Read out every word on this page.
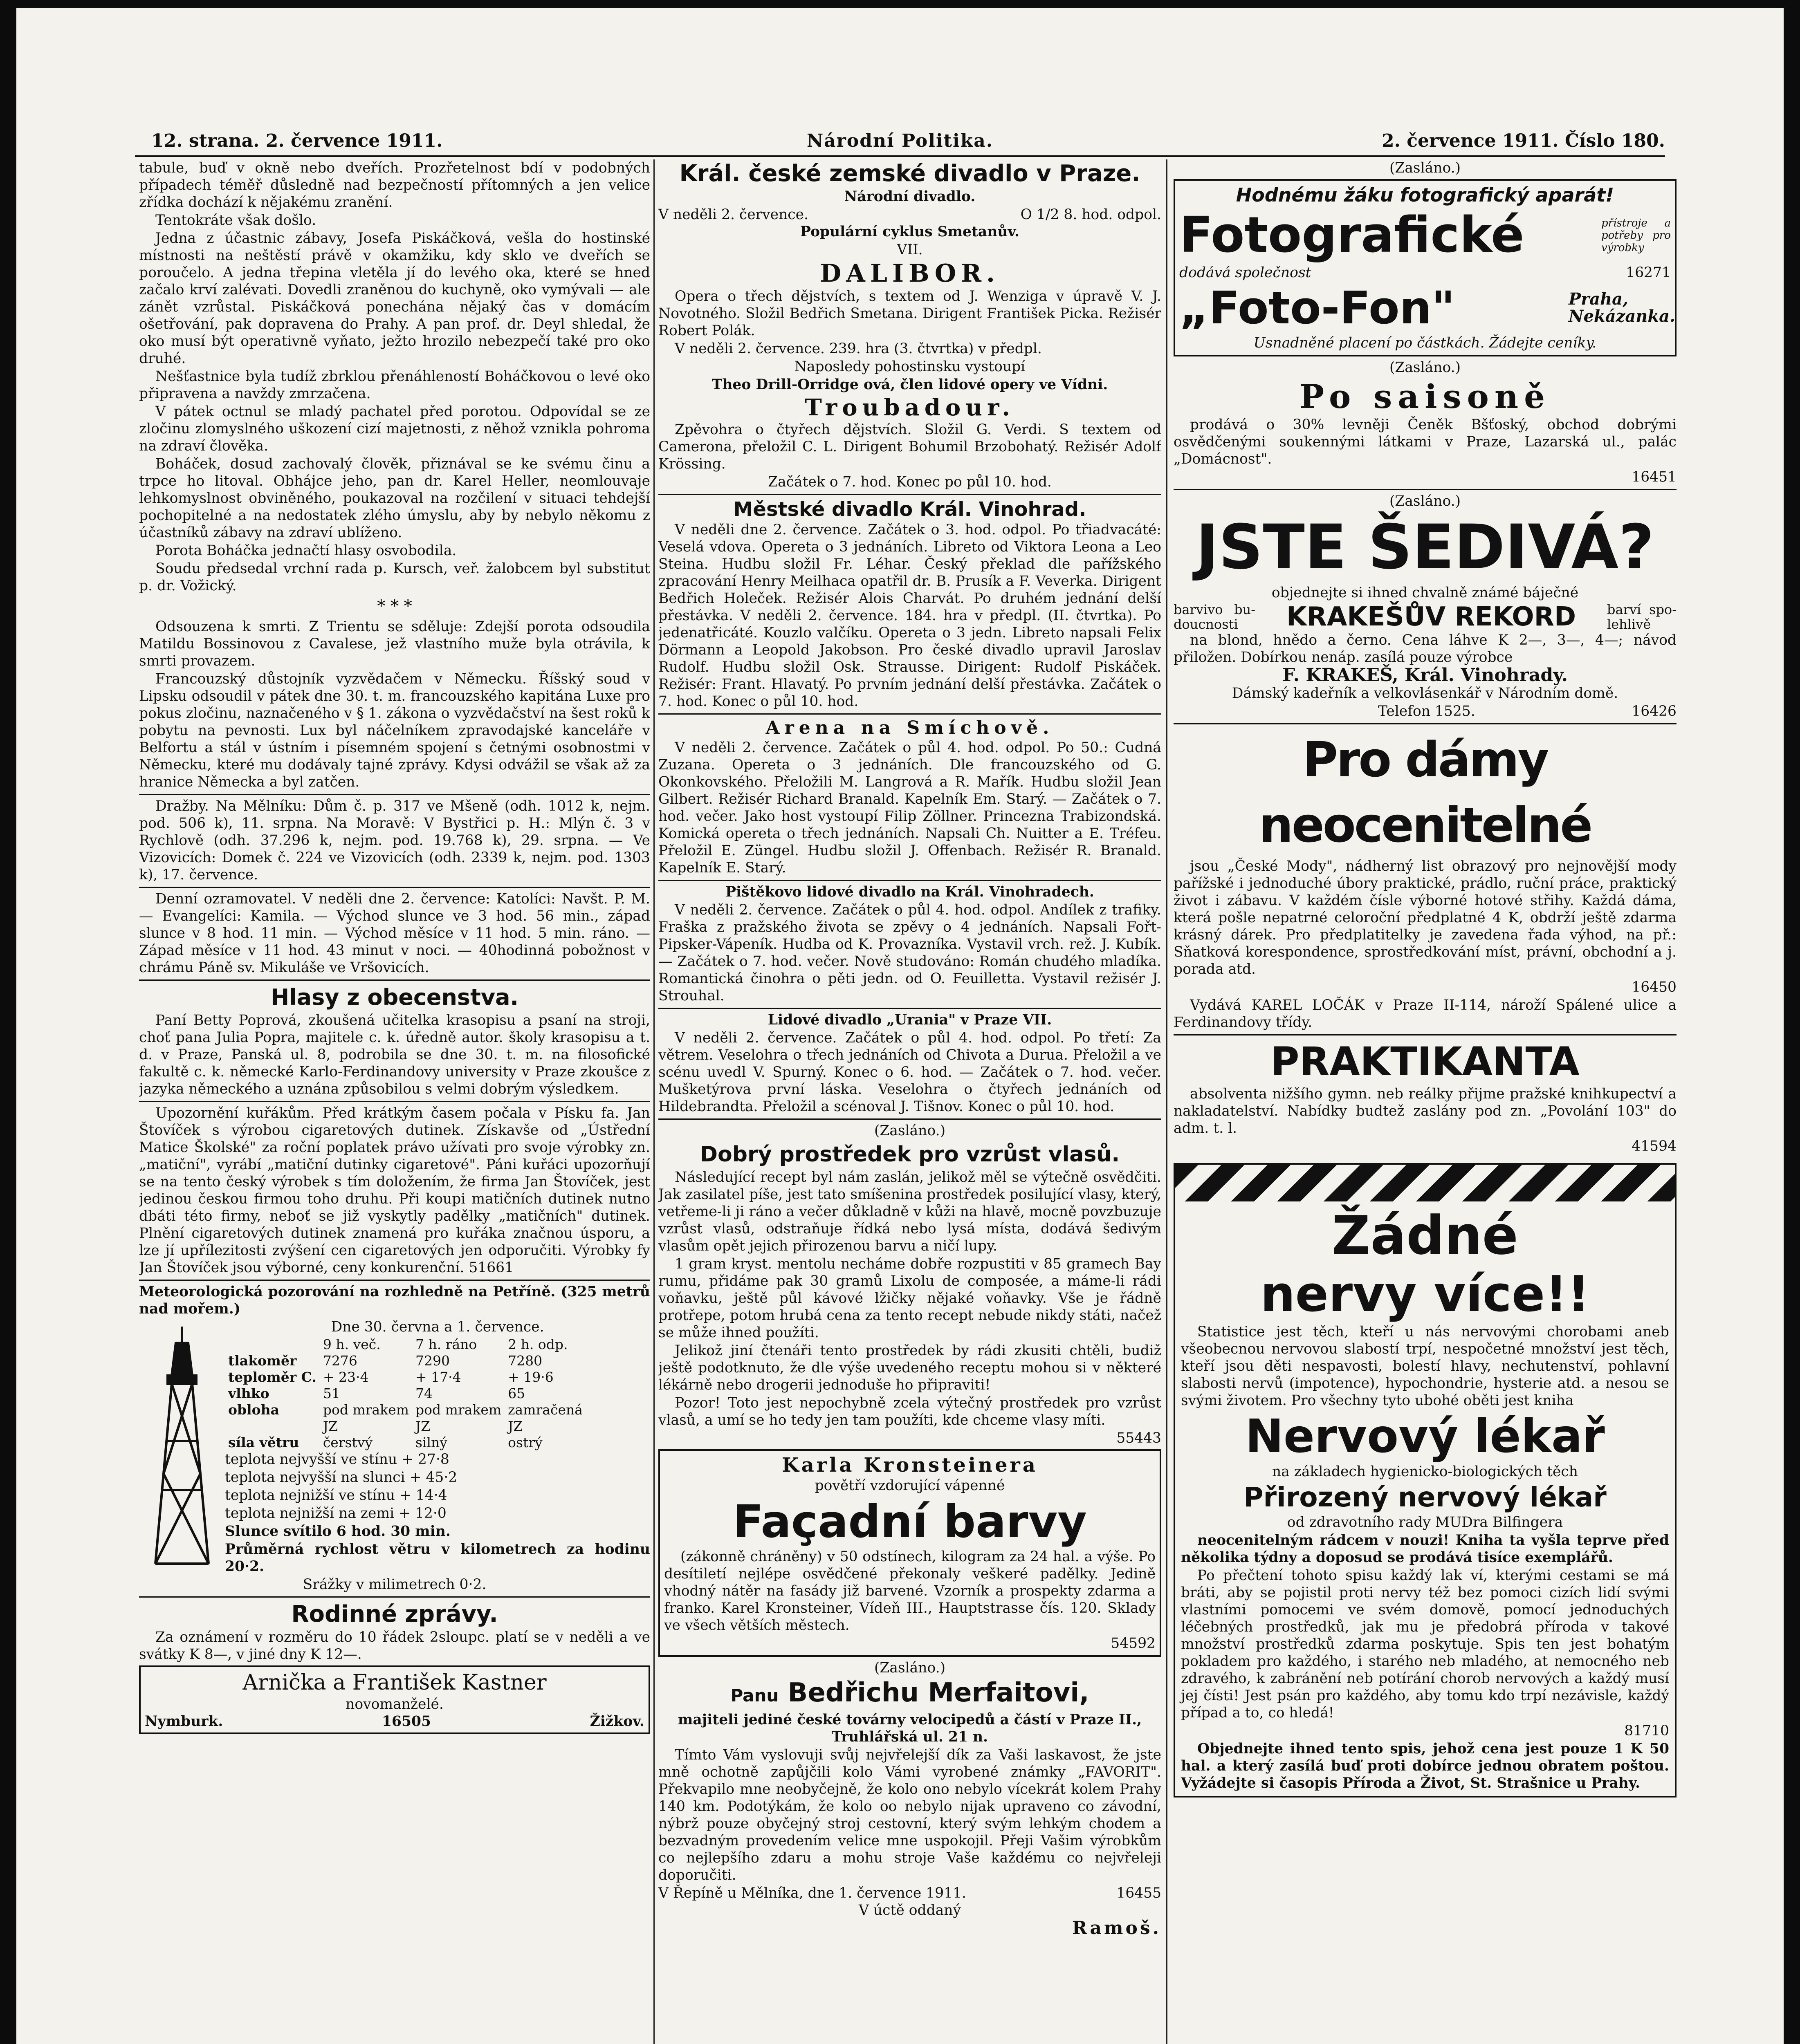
12. strana. 2. července 1911.	Národní Politika.	2. července 1911. Číslo 180.

tabule, buď v okně nebo dveřích. Prozřetelnost bdí v podobných případech téměř důsledně nad bezpečností přítomných a jen velice zřídka dochází k nějakému zranění.

Tentokráte však došlo.

Jedna z účastnic zábavy, Josefa Piskáčková, vešla do hostinské místnosti na neštěstí právě v okamžiku, kdy sklo ve dveřích se poroučelo. A jedna třepina vletěla jí do levého oka, které se hned začalo krví zalévati. Dovedli zraněnou do kuchyně, oko vymývali — ale zánět vzrůstal. Piskáčková ponechána nějaký čas v domácím ošetřování, pak dopravena do Prahy. A pan prof. dr. Deyl shledal, že oko musí být operativně vyňato, ježto hrozilo nebezpečí také pro oko druhé.

Nešťastnice byla tudíž zbrklou přenáhleností Boháčkovou o levé oko připravena a navždy zmrzačena.

V pátek octnul se mladý pachatel před porotou. Odpovídal se ze zločinu zlomyslného uškození cizí majetnosti, z něhož vznikla pohroma na zdraví člověka.

Boháček, dosud zachovalý člověk, přiznával se ke svému činu a trpce ho litoval. Obhájce jeho, pan dr. Karel Heller, neomlouvaje lehkomyslnost obviněného, poukazoval na rozčilení v situaci tehdejší pochopitelné a na nedostatek zlého úmyslu, aby by nebylo někomu z účastníků zábavy na zdraví ublíženo.

Porota Boháčka jednačtí hlasy osvobodila.

Soudu předsedal vrchní rada p. Kursch, veř. žalobcem byl substitut p. dr. Vožický.

* * *

Odsouzena k smrti. Z Trientu se sděluje: Zdejší porota odsoudila Matildu Bossinovou z Cavalese, jež vlastního muže byla otrávila, k smrti provazem.

Francouzský důstojník vyzvědačem v Německu. Říšský soud v Lipsku odsoudil v pátek dne 30. t. m. francouzského kapitána Luxe pro pokus zločinu, naznačeného v § 1. zákona o vyzvědačství na šest roků k pobytu na pevnosti. Lux byl náčelníkem zpravodajské kanceláře v Belfortu a stál v ústním i písemném spojení s četnými osobnostmi v Německu, které mu dodávaly tajné zprávy. Kdysi odvážil se však až za hranice Německa a byl zatčen.

Dražby. Na Mělníku: Dům č. p. 317 ve Mšeně (odh. 1012 k, nejm. pod. 506 k), 11. srpna. Na Moravě: V Bystřici p. H.: Mlýn č. 3 v Rychlově (odh. 37.296 k, nejm. pod. 19.768 k), 29. srpna. — Ve Vizovicích: Domek č. 224 ve Vizovicích (odh. 2339 k, nejm. pod. 1303 k), 17. července.

Denní ozramovatel. V neděli dne 2. července: Katolíci: Navšt. P. M. — Evangelíci: Kamila. — Východ slunce ve 3 hod. 56 min., západ slunce v 8 hod. 11 min. — Východ měsíce v 11 hod. 5 min. ráno. — Západ měsíce v 11 hod. 43 minut v noci. — 40hodinná pobožnost v chrámu Páně sv. Mikuláše ve Vršovicích.

Hlasy z obecenstva.

Paní Betty Poprová, zkoušená učitelka krasopisu a psaní na stroji, choť pana Julia Popra, majitele c. k. úředně autor. školy krasopisu a t. d. v Praze, Panská ul. 8, podrobila se dne 30. t. m. na filosofické fakultě c. k. německé Karlo-Ferdinandovy university v Praze zkoušce z jazyka německého a uznána způsobilou s velmi dobrým výsledkem.

Upozornění kuřákům. Před krátkým časem počala v Písku fa. Jan Štovíček s výrobou cigaretových dutinek. Získavše od „Ústřední Matice Školské" za roční poplatek právo užívati pro svoje výrobky zn. „matiční", vyrábí „matiční dutinky cigaretové". Páni kuřáci upozorňují se na tento český výrobek s tím doložením, že firma Jan Štovíček, jest jedinou českou firmou toho druhu. Při koupi matičních dutinek nutno dbáti této firmy, neboť se již vyskytly padělky „matičních" dutinek. Plnění cigaretových dutinek znamená pro kuřáka značnou úsporu, a lze jí upřílezitosti zvýšení cen cigaretových jen odporučiti. Výrobky fy Jan Štovíček jsou výborné, ceny konkurenční. 51661

Meteorologická pozorování na rozhledně na Petříně. (325 metrů nad mořem.)

Dne 30. června a 1. července.

	9 h. več.	7 h. ráno	2 h. odp.
tlakoměr	7276	7290	7280
teploměr C.	+ 23·4	+ 17·4	+ 19·6
vlhko	51	74	65
obloha	pod mrakem	pod mrakem	zamračená
	JZ	JZ	JZ
síla větru	čerstvý	silný	ostrý

teplota nejvyšší ve stínu + 27·8

teplota nejvyšší na slunci + 45·2

teplota nejnižší ve stínu + 14·4

teplota nejnižší na zemi + 12·0

Slunce svítilo 6 hod. 30 min.

Průměrná rychlost větru v kilometrech za hodinu 20·2.

Srážky v milimetrech 0·2.

Rodinné zprávy.

Za oznámení v rozměru do 10 řádek 2sloupc. platí se v neděli a ve svátky K 8—, v jiné dny K 12—.

Arnička a František Kastner
novomanželé.
Nymburk.	16505	Žižkov.
Král. české zemské divadlo v Praze.

Národní divadlo.

V neděli 2. července.	O 1/2 8. hod. odpol.

Populární cyklus Smetanův.

VII.

DALIBOR.

Opera o třech dějstvích, s textem od J. Wenziga v úpravě V. J. Novotného. Složil Bedřich Smetana. Dirigent František Picka. Režisér Robert Polák.

V neděli 2. července. 239. hra (3. čtvrtka) v předpl.

Naposledy pohostinsku vystoupí

Theo Drill-Orridge ová, člen lidové opery ve Vídni.

Troubadour.

Zpěvohra o čtyřech dějstvích. Složil G. Verdi. S textem od Camerona, přeložil C. L. Dirigent Bohumil Brzobohatý. Režisér Adolf Krössing.

Začátek o 7. hod. Konec po půl 10. hod.

Městské divadlo Král. Vinohrad.

V neděli dne 2. července. Začátek o 3. hod. odpol. Po třiadvacáté: Veselá vdova. Opereta o 3 jednáních. Libreto od Viktora Leona a Leo Steina. Hudbu složil Fr. Léhar. Český překlad dle pařížského zpracování Henry Meilhaca opatřil dr. B. Prusík a F. Veverka. Dirigent Bedřich Holeček. Režisér Alois Charvát. Po druhém jednání delší přestávka. V neděli 2. července. 184. hra v předpl. (II. čtvrtka). Po jedenatřicáté. Kouzlo valčíku. Opereta o 3 jedn. Libreto napsali Felix Dörmann a Leopold Jakobson. Pro české divadlo upravil Jaroslav Rudolf. Hudbu složil Osk. Strausse. Dirigent: Rudolf Piskáček. Režisér: Frant. Hlavatý. Po prvním jednání delší přestávka. Začátek o 7. hod. Konec o půl 10. hod.

Arena na Smíchově.

V neděli 2. července. Začátek o půl 4. hod. odpol. Po 50.: Cudná Zuzana. Opereta o 3 jednáních. Dle francouzského od G. Okonkovského. Přeložili M. Langrová a R. Mařík. Hudbu složil Jean Gilbert. Režisér Richard Branald. Kapelník Em. Starý. — Začátek o 7. hod. večer. Jako host vystoupí Filip Zöllner. Princezna Trabizondská. Komická opereta o třech jednáních. Napsali Ch. Nuitter a E. Tréfeu. Přeložil E. Züngel. Hudbu složil J. Offenbach. Režisér R. Branald. Kapelník E. Starý.

Pištěkovo lidové divadlo na Král. Vinohradech.

V neděli 2. července. Začátek o půl 4. hod. odpol. Andílek z trafiky. Fraška z pražského života se zpěvy o 4 jednáních. Napsali Fořt-Pipsker-Vápeník. Hudba od K. Provazníka. Vystavil vrch. rež. J. Kubík. — Začátek o 7. hod. večer. Nově studováno: Román chudého mladíka. Romantická činohra o pěti jedn. od O. Feuilletta. Vystavil režisér J. Strouhal.

Lidové divadlo „Urania" v Praze VII.

V neděli 2. července. Začátek o půl 4. hod. odpol. Po třetí: Za větrem. Veselohra o třech jednáních od Chivota a Duruа. Přeložil a ve scénu uvedl V. Spurný. Konec o 6. hod. — Začátek o 7. hod. večer. Mušketýrova první láska. Veselohra o čtyřech jednáních od Hildebrandta. Přeložil a scénoval J. Tišnov. Konec o půl 10. hod.

(Zasláno.)

Dobrý prostředek pro vzrůst vlasů.

Následující recept byl nám zaslán, jelikož měl se výtečně osvědčiti. Jak zasilatel píše, jest tato smíšenina prostředek posilující vlasy, který, vetřeme-li ji ráno a večer důkladně v kůži na hlavě, mocně povzbuzuje vzrůst vlasů, odstraňuje řídká nebo lysá místa, dodává šedivým vlasům opět jejich přirozenou barvu a ničí lupy.

1 gram kryst. mentolu necháme dobře rozpustiti v 85 gramech Bay rumu, přidáme pak 30 gramů Lixolu de composée, a máme-li rádi voňavku, ještě půl kávové lžičky nějaké voňavky. Vše je řádně protřepe, potom hrubá cena za tento recept nebude nikdy státi, načež se může ihned použíti.

Jelikož jiní čtenáři tento prostředek by rádi zkusiti chtěli, budiž ještě podotknuto, že dle výše uvedeného receptu mohou si v některé lékárně nebo drogerii jednoduše ho připraviti!

Pozor! Toto jest nepochybně zcela výtečný prostředek pro vzrůst vlasů, a umí se ho tedy jen tam použíti, kde chceme vlasy míti.

55443

Karla Kronsteinera

povětří vzdorující vápenné

Façadní barvy

(zákonně chráněny) v 50 odstínech, kilogram za 24 hal. a výše. Po desítiletí nejlépe osvědčené překonaly veškeré padělky. Jedině vhodný nátěr na fasády již barvené. Vzorník a prospekty zdarma a franko. Karel Kronsteiner, Vídeň III., Hauptstrasse čís. 120. Sklady ve všech větších městech.

54592

(Zasláno.)

Panu Bedřichu Merfaitovi,

majiteli jediné české továrny velocipedů a částí v Praze II., Truhlářská ul. 21 n.

Tímto Vám vyslovuji svůj nejvřelejší dík za Vaši laskavost, že jste mně ochotně zapůjčili kolo Vámi vyrobené známky „FAVORIT". Překvapilo mne neobyčejně, že kolo ono nebylo vícekrát kolem Prahy 140 km. Podotýkám, že kolo oo nebylo nijak upraveno co závodní, nýbrž pouze obyčejný stroj cestovní, který svým lehkým chodem a bezvadným provedením velice mne uspokojil. Přeji Vašim výrobkům co nejlepšího zdaru a mohu stroje Vaše každému co nejvřeleji doporučiti.

V Řepíně u Mělníka, dne 1. července 1911.	16455

V úctě oddaný

Ramoš.

(Zasláno.)

Hodnému žáku fotografický aparát!
Fotografické	přístroje a potřeby pro výrobky
dodává společnost	16271
„Foto-Fon"	Praha, Nekázanka.

Usnadněné placení po částkách. Žádejte ceníky.

(Zasláno.)

Po saisoně

prodává o 30% levněji Čeněk Bšťoský, obchod dobrými osvědčenými soukennými látkami v Praze, Lazarská ul., palác „Domácnost".

16451

(Zasláno.)

JSTE ŠEDIVÁ?

objednejte si ihned chvalně známé báječné

barvivo bu- doucnosti	KRAKEŠŮV REKORD barví spo- lehlivě

na blond, hnědo a černo. Cena láhve K 2—, 3—, 4—; návod přiložen. Dobírkou nenáp. zasílá pouze výrobce

F. KRAKEŠ, Král. Vinohrady.

Dámský kadeřník a velkovlásenkář v Národním domě.

Telefon 1525.	16426
Pro dámy neocenitelné

jsou „České Mody", nádherný list obrazový pro nejnovější mody pařížské i jednoduché úbory praktické, prádlo, ruční práce, praktický život i zábavu. V každém čísle výborné hotové střihy. Každá dáma, která pošle nepatrné celoroční předplatné 4 K, obdrží ještě zdarma krásný dárek. Pro předplatitelky je zavedena řada výhod, na př.: Sňatková korespondence, sprostředkování míst, právní, obchodní a j. porada atd.

16450

Vydává KAREL LOČÁK v Praze II-114, nároží Spálené ulice a Ferdinandovy třídy.

PRAKTIKANTA

absolventa nižšího gymn. neb reálky přijme pražské knihkupectví a nakladatelství. Nabídky budtež zaslány pod zn. „Povolání 103" do adm. t. l.

41594

Žádné
nervy více!!

Statistice jest těch, kteří u nás nervovými chorobami aneb všeobecnou nervovou slabostí trpí, nespočetné množství jest těch, kteří jsou děti nespavosti, bolestí hlavy, nechutenství, pohlavní slabosti nervů (impotence), hypochondrie, hysterie atd. a nesou se svými životem. Pro všechny tyto ubohé oběti jest kniha

Nervový lékař

na základech hygienicko-biologických těch

Přirozený nervový lékař

od zdravotního rady MUDra Bilfingera

neocenitelným rádcem v nouzi! Kniha ta vyšla teprve před několika týdny a doposud se prodává tisíce exemplářů.

Po přečtení tohoto spisu každý lak ví, kterými cestami se má bráti, aby se pojistil proti nervy též bez pomoci cizích lidí svými vlastními pomocemi ve svém domově, pomocí jednoduchých léčebných prostředků, jak mu je předobrá příroda v takové množství prostředků zdarma poskytuje. Spis ten jest bohatým pokladem pro každého, i starého neb mladého, at nemocného neb zdravého, k zabránění neb potírání chorob nervových a každý musí jej čísti! Jest psán pro každého, aby tomu kdo trpí nezávisle, každý případ a to, co hledá!

81710

Objednejte ihned tento spis, jehož cena jest pouze 1 K 50 hal. a který zasílá buď proti dobírce jednou obratem poštou. Vyžádejte si časopis Příroda a Život, St. Strašnice u Prahy.
